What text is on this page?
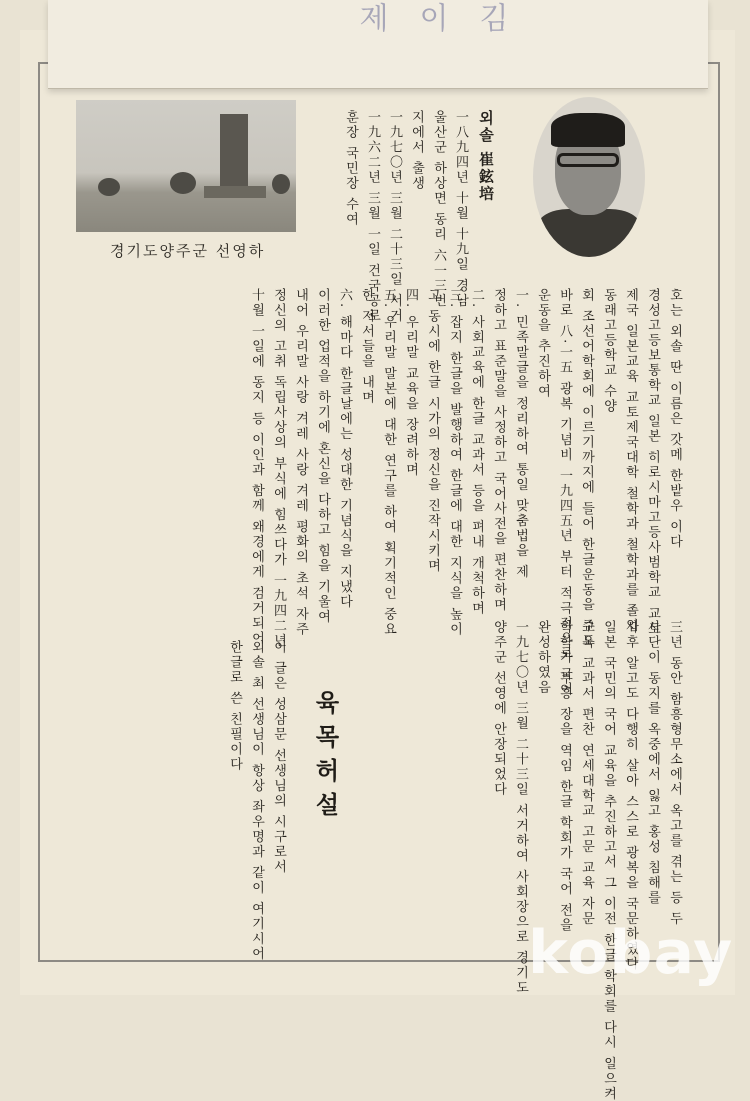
제 이 김
경기도양주군 선영하
외솔 崔鉉培
一八九四년 十월 十九일 경남
울산군 하상면 동리 六一三번
지에서 출생
一九七〇년 三월 二十三일 서거
一九六二년 三월 一일 건국공로
훈장 국민장 수여
호는 외솔 딴 이름은 갓메 한밭우 이다
경성고등보통학교 일본 히로시마고등사범학교 교토
제국 일본교육 교토제국대학 철학과 철학과를 졸업
동래고등학교 수양
회 조선어학회에 이르기까지에 들어 한글운동을 주도
바로 八·一五 광복 기념비 一九四五년 부터 적극적으로 국어
운동을 추진하여
一. 민족말글을 정리하여 통일 맞춤법을 제
정하고 표준말을 사정하고 국어사전을 편찬하며
二. 사회교육에 한글 교과서 등을 펴내 개척하며
三. 잡지 한글을 발행하여 한글에 대한 지식을 높이
고 동시에 한글 시가의 정신을 진작시키며
四. 우리말 교육을 장려하며
五. 우리말 말본에 대한 연구를 하여 획기적인 중요
한 저서들을 내며
六. 해마다 한글날에는 성대한 기념식을 지냈다
이러한 업적을 하기에 혼신을 다하고 힘을 기울여
내어 우리말 사랑 겨레 사랑 겨레 평화의 초석 자주
정신의 고취 독립사상의 부식에 힘쓰다가 一九四二년
十월 一일에 동지 등 이인과 함께 왜경에게 검거되어
三년 동안 함흥형무소에서 옥고를 겪는 등 두
사단이 동지를 옥중에서 잃고 홍성 침해를
사후 알고도 다행히 살아 스스로 광복을 국문하였다
일본 국민의 국어 교육을 추진하고서 그 이전 한글 학회를 다시 일으켜
교육 교과서 편찬 연세대학교 고문 교육 자문
학학가 부흥 장을 역임 한글 학회가 국어 전을
완성하였음
一九七〇년 三월 二十三일 서거하여 사회장으로 경기도
양주군 선영에 안장되었다
이 글은 성삼문 선생님의 시구로서
외솔 최 선생님이 항상 좌우명과 같이 여기시어
한글로 쓴 친필이다	육목허설
kobay
